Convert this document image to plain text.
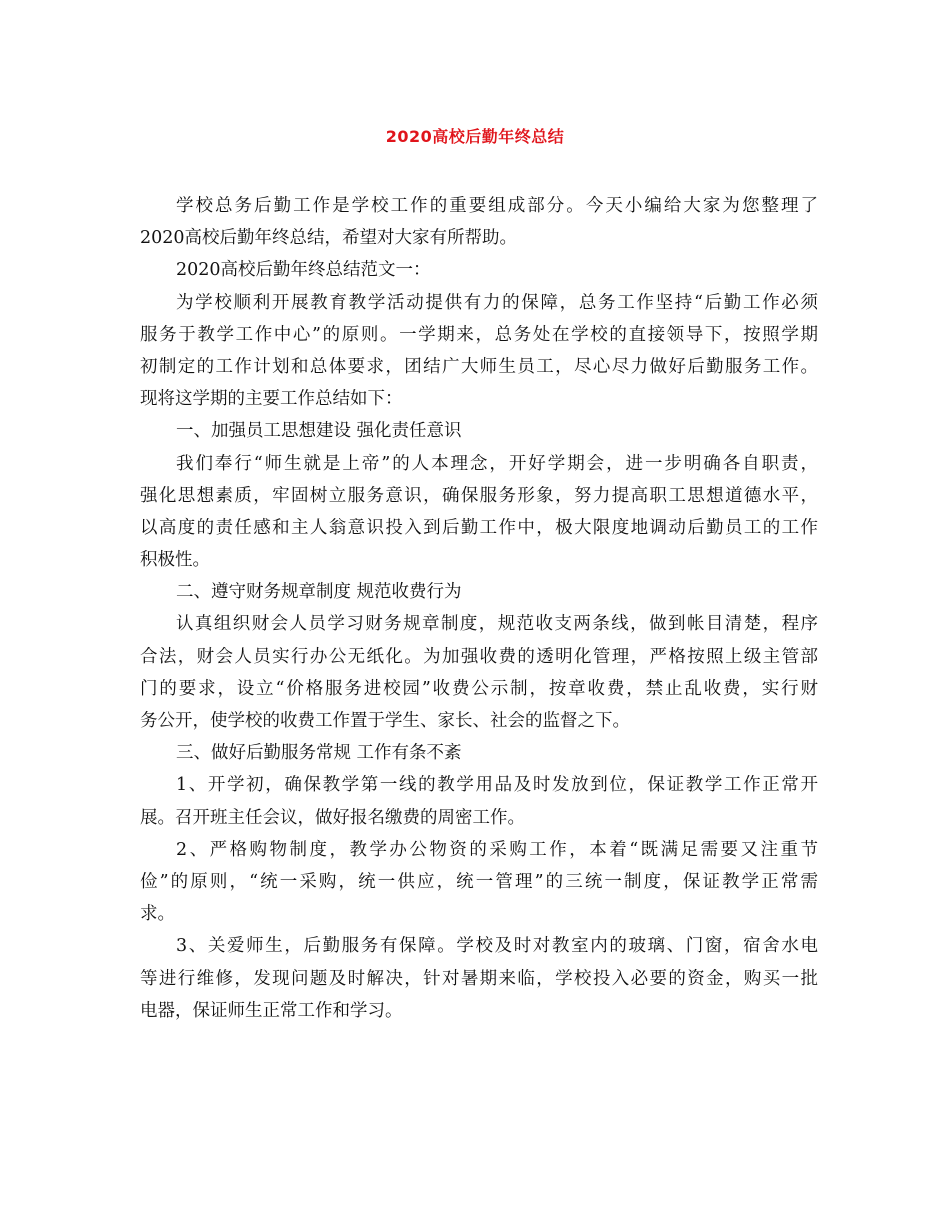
2020高校后勤年终总结
学校总务后勤工作是学校工作的重要组成部分。今天小编给大家为您整理了
2020高校后勤年终总结，希望对大家有所帮助。
2020高校后勤年终总结范文一：
为学校顺利开展教育教学活动提供有力的保障，总务工作坚持“后勤工作必须
服务于教学工作中心”的原则。一学期来，总务处在学校的直接领导下，按照学期
初制定的工作计划和总体要求，团结广大师生员工，尽心尽力做好后勤服务工作。
现将这学期的主要工作总结如下：
一、加强员工思想建设 强化责任意识
我们奉行“师生就是上帝”的人本理念，开好学期会，进一步明确各自职责，
强化思想素质，牢固树立服务意识，确保服务形象，努力提高职工思想道德水平，
以高度的责任感和主人翁意识投入到后勤工作中，极大限度地调动后勤员工的工作
积极性。
二、遵守财务规章制度 规范收费行为
认真组织财会人员学习财务规章制度，规范收支两条线，做到帐目清楚，程序
合法，财会人员实行办公无纸化。为加强收费的透明化管理，严格按照上级主管部
门的要求，设立“价格服务进校园”收费公示制，按章收费，禁止乱收费，实行财
务公开，使学校的收费工作置于学生、家长、社会的监督之下。
三、做好后勤服务常规 工作有条不紊
1、开学初，确保教学第一线的教学用品及时发放到位，保证教学工作正常开
展。召开班主任会议，做好报名缴费的周密工作。
2、严格购物制度，教学办公物资的采购工作，本着“既满足需要又注重节
俭”的原则，“统一采购，统一供应，统一管理”的三统一制度，保证教学正常需
求。
3、关爱师生，后勤服务有保障。学校及时对教室内的玻璃、门窗，宿舍水电
等进行维修，发现问题及时解决，针对暑期来临，学校投入必要的资金，购买一批
电器，保证师生正常工作和学习。
